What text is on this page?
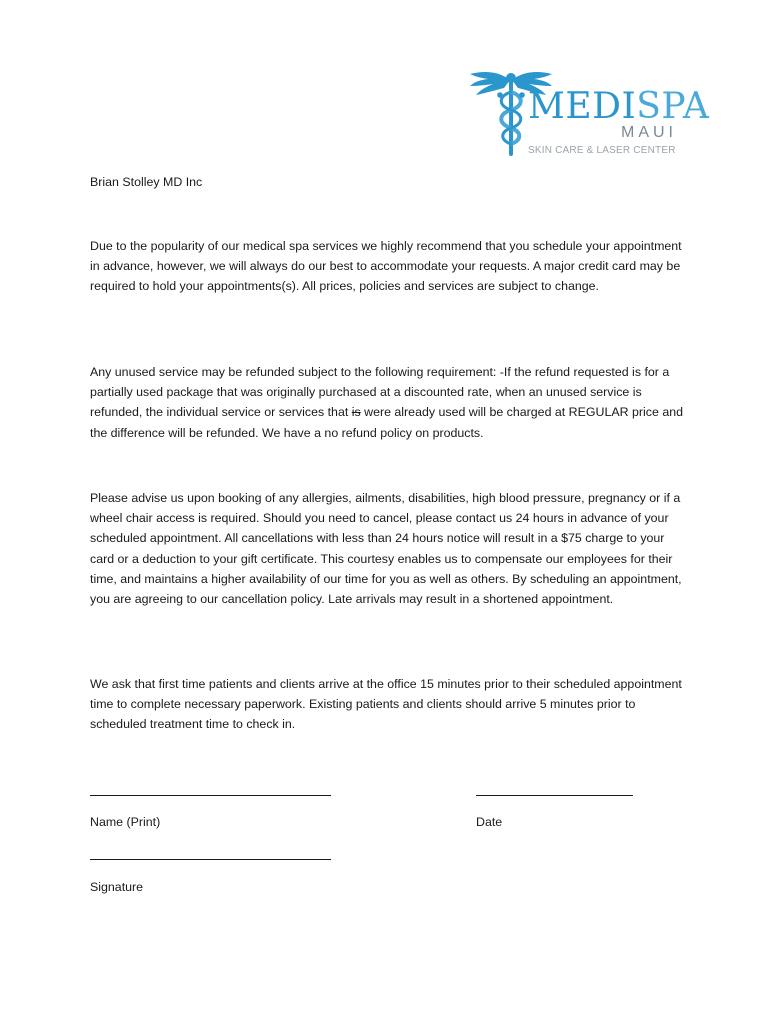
MEDISPA
MAUI
SKIN CARE & LASER CENTER
Brian Stolley MD Inc
Due to the popularity of our medical spa services we highly recommend that you schedule your appointment in advance, however, we will always do our best to accommodate your requests. A major credit card may be required to hold your appointments(s). All prices, policies and services are subject to change.
Any unused service may be refunded subject to the following requirement: -If the refund requested is for a partially used package that was originally purchased at a discounted rate, when an unused service is refunded, the individual service or services that is were already used will be charged at REGULAR price and the difference will be refunded. We have a no refund policy on products.
Please advise us upon booking of any allergies, ailments, disabilities, high blood pressure, pregnancy or if a wheel chair access is required. Should you need to cancel, please contact us 24 hours in advance of your scheduled appointment. All cancellations with less than 24 hours notice will result in a $75 charge to your card or a deduction to your gift certificate. This courtesy enables us to compensate our employees for their time, and maintains a higher availability of our time for you as well as others. By scheduling an appointment, you are agreeing to our cancellation policy. Late arrivals may result in a shortened appointment.
We ask that first time patients and clients arrive at the office 15 minutes prior to their scheduled appointment time to complete necessary paperwork. Existing patients and clients should arrive 5 minutes prior to scheduled treatment time to check in.
Name (Print)	Date
Signature
